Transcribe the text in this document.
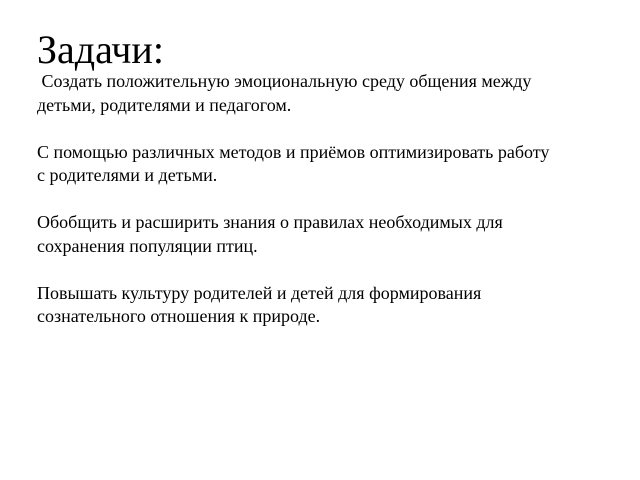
Задачи:

Создать положительную эмоциональную среду общения между
детьми, родителями и педагогом.

С помощью различных методов и приёмов оптимизировать работу
с родителями и детьми.

Обобщить и расширить знания о правилах необходимых для
сохранения популяции птиц.

Повышать культуру родителей и детей для формирования
сознательного отношения к природе.
